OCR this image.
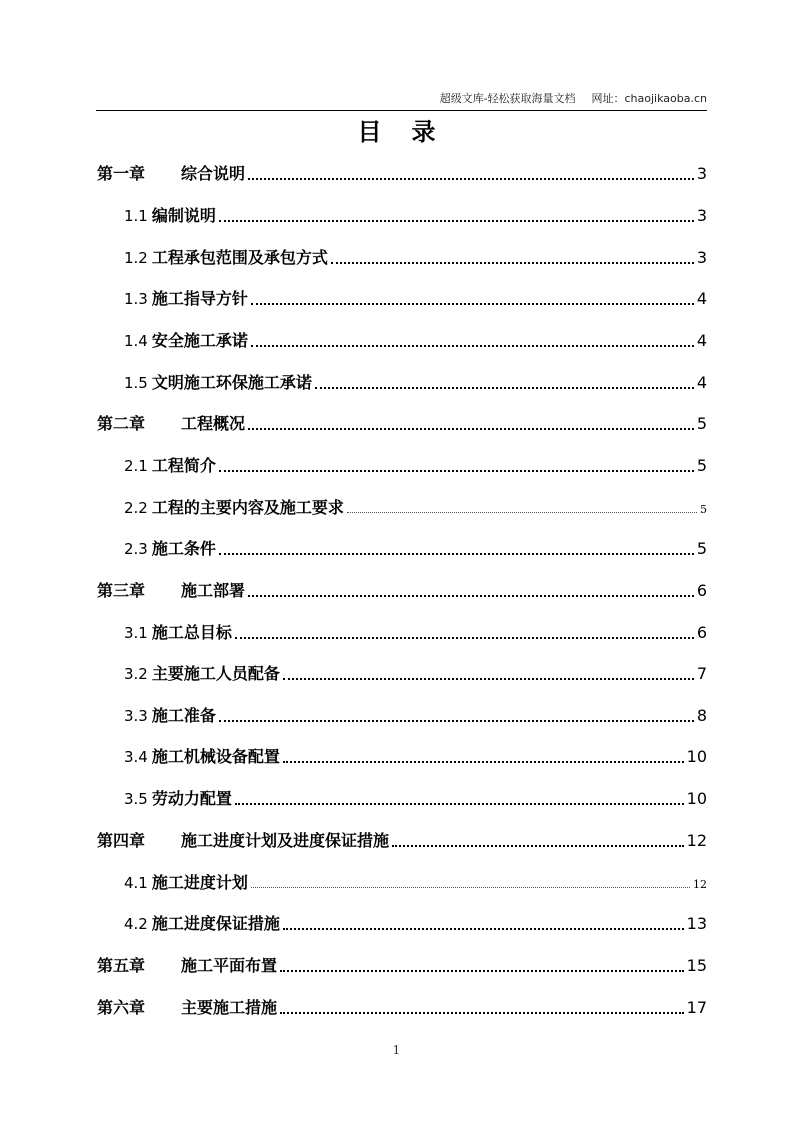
超级文库-轻松获取海量文档 网址：chaojikaoba.cn
目 录
第一章	综合说明	3
1.1 编制说明	3
1.2 工程承包范围及承包方式	3
1.3 施工指导方针	4
1.4 安全施工承诺	4
1.5 文明施工环保施工承诺	4
第二章	工程概况	5
2.1 工程简介	5
2.2 工程的主要内容及施工要求	5
2.3 施工条件	5
第三章	施工部署	6
3.1 施工总目标	6
3.2 主要施工人员配备	7
3.3 施工准备	8
3.4 施工机械设备配置	10
3.5 劳动力配置	10
第四章	施工进度计划及进度保证措施	12
4.1 施工进度计划	12
4.2 施工进度保证措施	13
第五章	施工平面布置	15
第六章	主要施工措施	17
1
